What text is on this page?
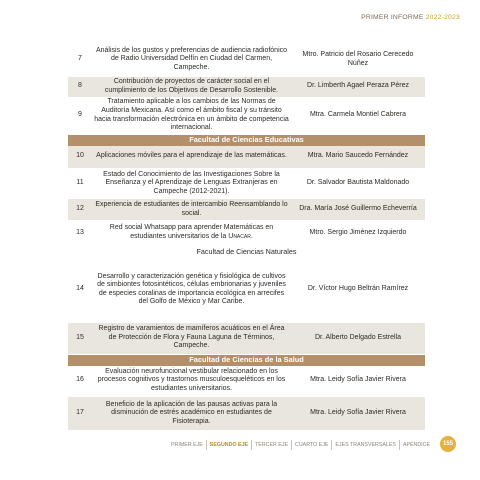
PRIMER INFORME 2022-2023
7	Análisis de los gustos y preferencias de audiencia radiofónico de Radio Universidad Delfín en Ciudad del Carmen, Campeche.	Mtro. Patricio del Rosario Cerecedo Núñez
8	Contribución de proyectos de carácter social en el cumplimiento de los Objetivos de Desarrollo Sostenible.	Dr. Limberth Agael Peraza Pérez
9	Tratamiento aplicable a los cambios de las Normas de Auditoría Mexicana. Así como el ámbito fiscal y su tránsito hacia transformación electrónica en un ámbito de competencia internacional.	Mtra. Carmela Montiel Cabrera
Facultad de Ciencias Educativas		
10	Aplicaciones móviles para el aprendizaje de las matemáticas.	Mtra. Mario Saucedo Fernández
11	Estado del Conocimiento de las Investigaciones Sobre la Enseñanza y el Aprendizaje de Lenguas Extranjeras en Campeche (2012-2021).	Dr. Salvador Bautista Maldonado
12	Experiencia de estudiantes de intercambio Reensamblando lo social.	Dra. María José Guillermo Echeverría
13	Red social Whatsapp para aprender Matemáticas en estudiantes universitarios de la Unacar.	Mtro. Sergio Jiménez Izquierdo
Facultad de Ciencias Naturales		
14	Desarrollo y caracterización genética y fisiológica de cultivos de simbiontes fotosintéticos, células embrionarias y juveniles de especies coralinas de importancia ecológica en arrecifes del Golfo de México y Mar Caribe.	Dr. Víctor Hugo Beltrán Ramírez
15	Registro de varamientos de mamíferos acuáticos en el Área de Protección de Flora y Fauna Laguna de Términos, Campeche.	Dr. Alberto Delgado Estrella
Facultad de Ciencias de la Salud		
16	Evaluación neurofuncional vestibular relacionado en los procesos cognitivos y trastornos musculoesqueléticos en los estudiantes universitarios.	Mtra. Leidy Sofía Javier Rivera
17	Beneficio de la aplicación de las pausas activas para la disminución de estrés académico en estudiantes de Fisioterapia.	Mtra. Leidy Sofía Javier Rivera
PRIMER EJE SEGUNDO EJE TERCER EJE CUARTO EJE EJES TRANSVERSALES APÉNDICE	155
